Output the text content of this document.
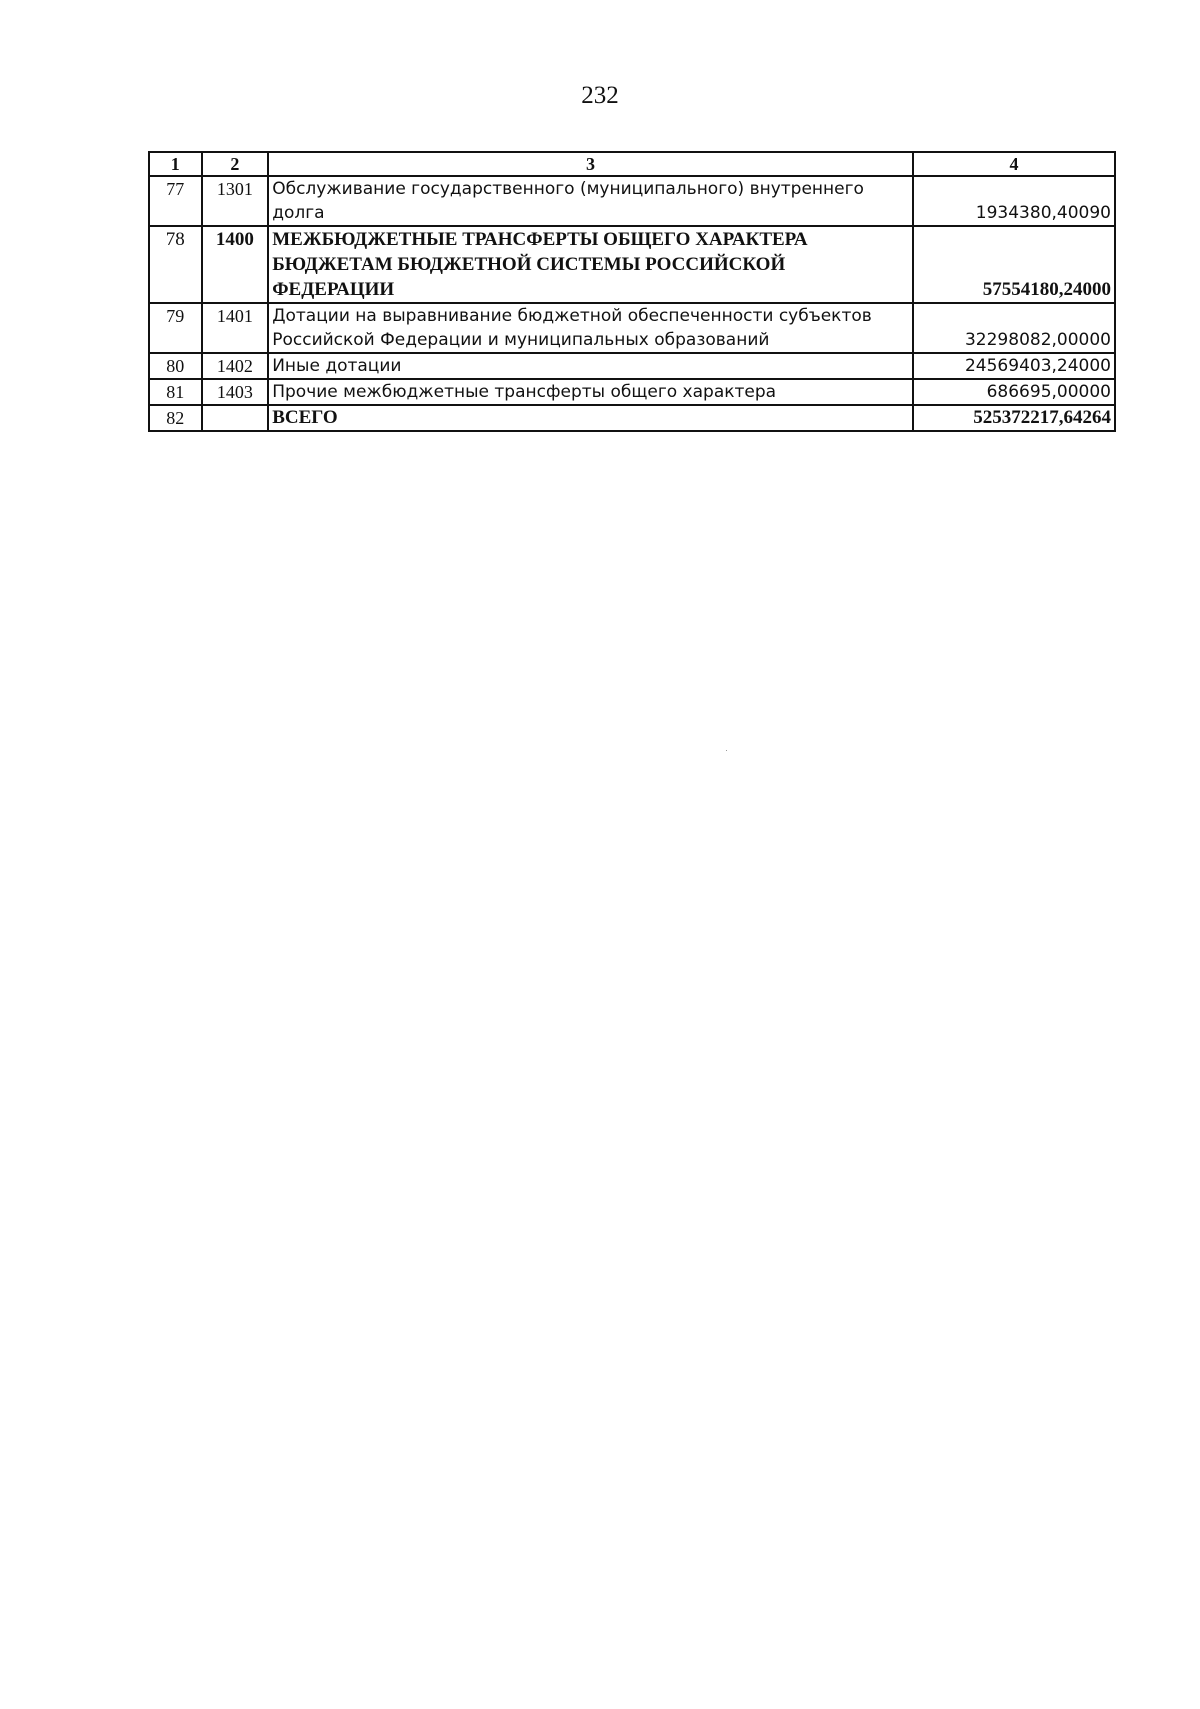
232
1	2	3	4
77	1301	Обслуживание государственного (муниципального) внутреннего долга	1934380,40090
78	1400	МЕЖБЮДЖЕТНЫЕ ТРАНСФЕРТЫ ОБЩЕГО ХАРАКТЕРА БЮДЖЕТАМ БЮДЖЕТНОЙ СИСТЕМЫ РОССИЙСКОЙ ФЕДЕРАЦИИ	57554180,24000
79	1401	Дотации на выравнивание бюджетной обеспеченности субъектов Российской Федерации и муниципальных образований	32298082,00000
80	1402	Иные дотации	24569403,24000
81	1403	Прочие межбюджетные трансферты общего характера	686695,00000
82		ВСЕГО	525372217,64264
